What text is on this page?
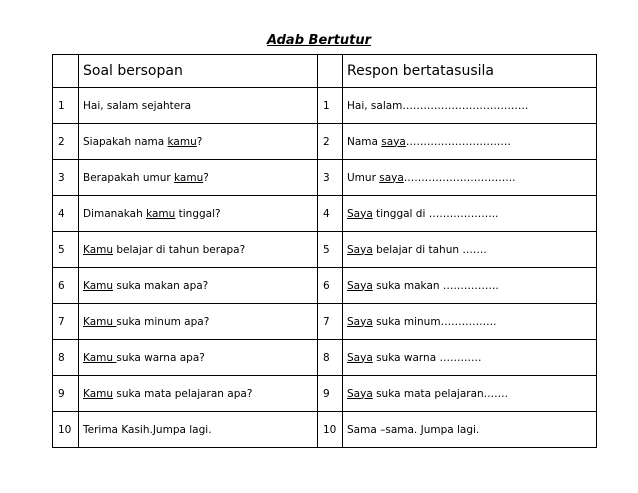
Adab Bertutur
	Soal bersopan		Respon bertatasusila
1	Hai, salam sejahtera	1	Hai, salam………………………………
2	Siapakah nama kamu?	2	Nama saya…………………………
3	Berapakah umur kamu?	3	Umur saya…………………………..
4	Dimanakah kamu tinggal?	4	Saya tinggal di ………………..
5	Kamu belajar di tahun berapa?	5	Saya belajar di tahun …….
6	Kamu suka makan apa?	6	Saya suka makan …………….
7	Kamu suka minum apa?	7	Saya suka minum…………….
8	Kamu suka warna apa?	8	Saya suka warna …………
9	Kamu suka mata pelajaran apa?	9	Saya suka mata pelajaran…….
10	Terima Kasih.Jumpa lagi.	10	Sama –sama. Jumpa lagi.
